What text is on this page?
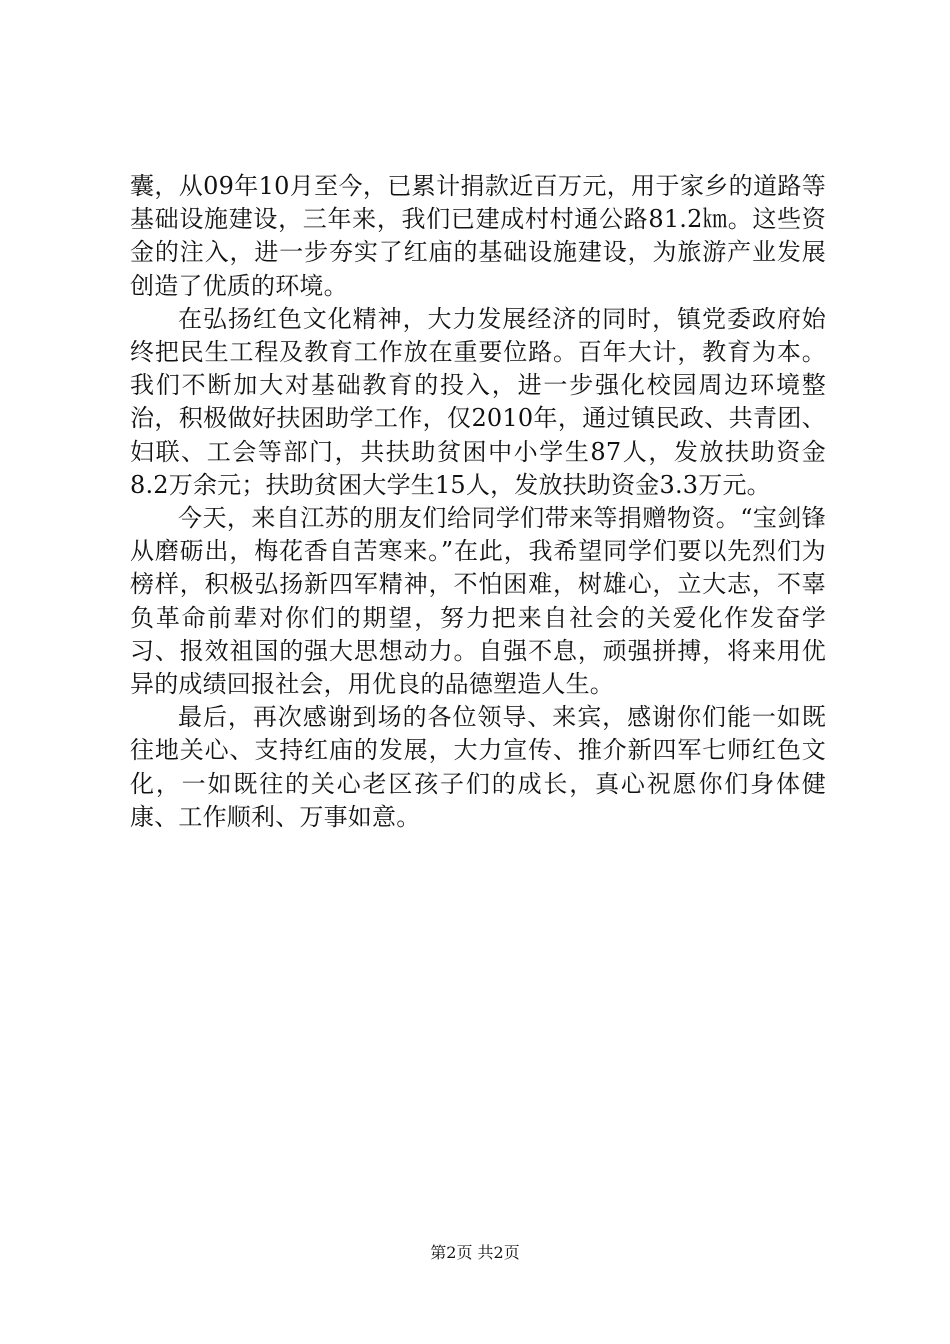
囊，从09年10月至今，已累计捐款近百万元，用于家乡的道路等基础设施建设，三年来，我们已建成村村通公路81.2㎞。这些资金的注入，进一步夯实了红庙的基础设施建设，为旅游产业发展创造了优质的环境。

在弘扬红色文化精神，大力发展经济的同时，镇党委政府始终把民生工程及教育工作放在重要位路。百年大计，教育为本。我们不断加大对基础教育的投入，进一步强化校园周边环境整治，积极做好扶困助学工作，仅2010年，通过镇民政、共青团、妇联、工会等部门，共扶助贫困中小学生87人，发放扶助资金8.2万余元；扶助贫困大学生15人，发放扶助资金3.3万元。

今天，来自江苏的朋友们给同学们带来等捐赠物资。“宝剑锋从磨砺出，梅花香自苦寒来。”在此，我希望同学们要以先烈们为榜样，积极弘扬新四军精神，不怕困难，树雄心，立大志，不辜负革命前辈对你们的期望，努力把来自社会的关爱化作发奋学习、报效祖国的强大思想动力。自强不息，顽强拼搏，将来用优异的成绩回报社会，用优良的品德塑造人生。

最后，再次感谢到场的各位领导、来宾，感谢你们能一如既往地关心、支持红庙的发展，大力宣传、推介新四军七师红色文化，一如既往的关心老区孩子们的成长，真心祝愿你们身体健康、工作顺利、万事如意。

第2页 共2页
